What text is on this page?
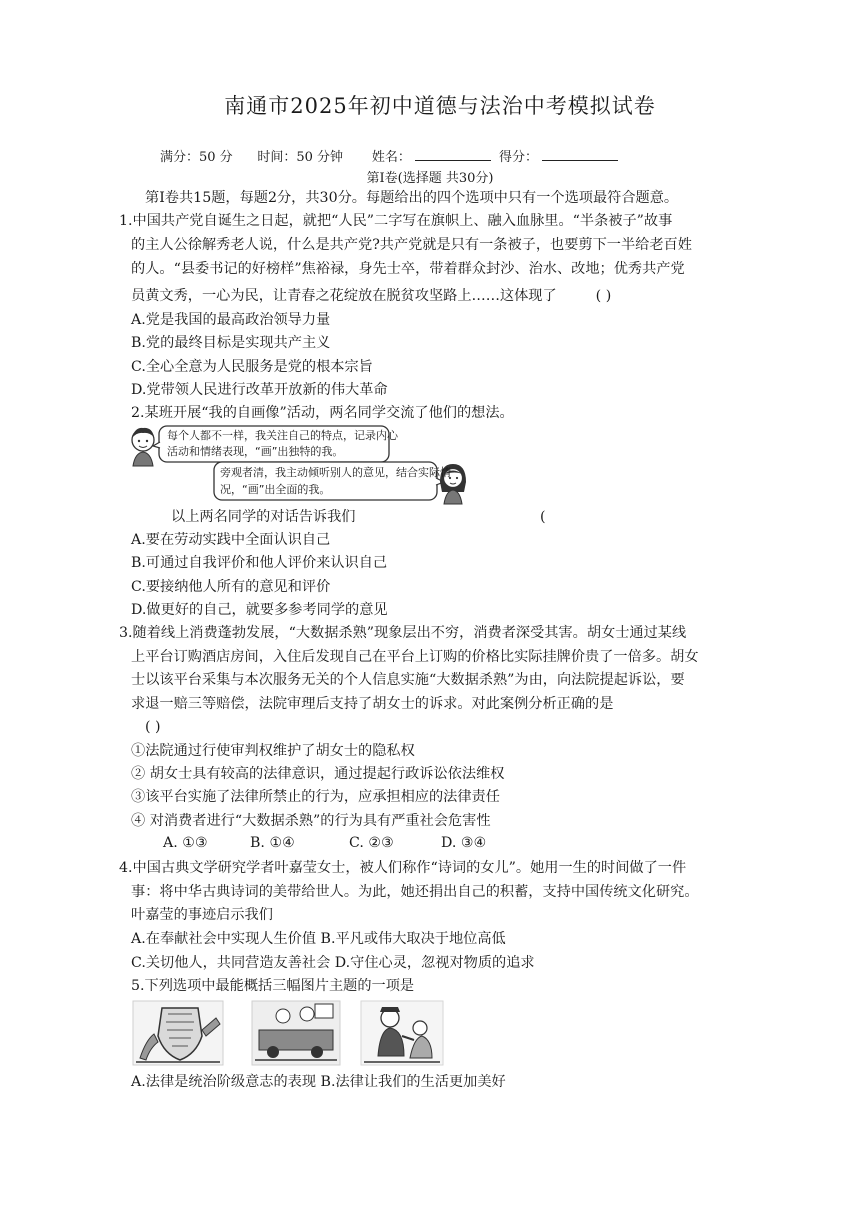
南通市2025年初中道德与法治中考模拟试卷
满分：50 分 时间：50 分钟 姓名：	得分：
第Ⅰ卷(选择题 共30分)
第Ⅰ卷共15题，每题2分，共30分。每题给出的四个选项中只有一个选项最符合题意。
1.中国共产党自诞生之日起，就把“人民”二字写在旗帜上、融入血脉里。“半条被子”故事
的主人公徐解秀老人说，什么是共产党?共产党就是只有一条被子，也要剪下一半给老百姓
的人。“县委书记的好榜样”焦裕禄，身先士卒，带着群众封沙、治水、改地；优秀共产党
员黄文秀，一心为民，让青春之花绽放在脱贫攻坚路上……这体现了	( )
A.党是我国的最高政治领导力量
B.党的最终目标是实现共产主义
C.全心全意为人民服务是党的根本宗旨
D.党带领人民进行改革开放新的伟大革命
2.某班开展“我的自画像”活动，两名同学交流了他们的想法。
每个人都不一样，我关注自己的特点，记录内心
活动和情绪表现，“画”出独特的我。
旁观者清，我主动倾听别人的意见，结合实际情
况，“画”出全面的我。
以上两名同学的对话告诉我们	(
A.要在劳动实践中全面认识自己
B.可通过自我评价和他人评价来认识自己
C.要接纳他人所有的意见和评价
D.做更好的自己，就要多参考同学的意见
3.随着线上消费蓬勃发展，“大数据杀熟”现象层出不穷，消费者深受其害。胡女士通过某线
上平台订购酒店房间，入住后发现自己在平台上订购的价格比实际挂牌价贵了一倍多。胡女
士以该平台采集与本次服务无关的个人信息实施“大数据杀熟”为由，向法院提起诉讼，要
求退一赔三等赔偿，法院审理后支持了胡女士的诉求。对此案例分析正确的是
( )
①法院通过行使审判权维护了胡女士的隐私权
② 胡女士具有较高的法律意识，通过提起行政诉讼依法维权
③该平台实施了法律所禁止的行为，应承担相应的法律责任
④ 对消费者进行“大数据杀熟”的行为具有严重社会危害性
A. ①③	B. ①④	C. ②③	D. ③④
4.中国古典文学研究学者叶嘉莹女士，被人们称作“诗词的女儿”。她用一生的时间做了一件
事：将中华古典诗词的美带给世人。为此，她还捐出自己的积蓄，支持中国传统文化研究。
叶嘉莹的事迹启示我们
A.在奉献社会中实现人生价值 B.平凡或伟大取决于地位高低
C.关切他人，共同营造友善社会 D.守住心灵，忽视对物质的追求
5.下列选项中最能概括三幅图片主题的一项是
A.法律是统治阶级意志的表现 B.法律让我们的生活更加美好
